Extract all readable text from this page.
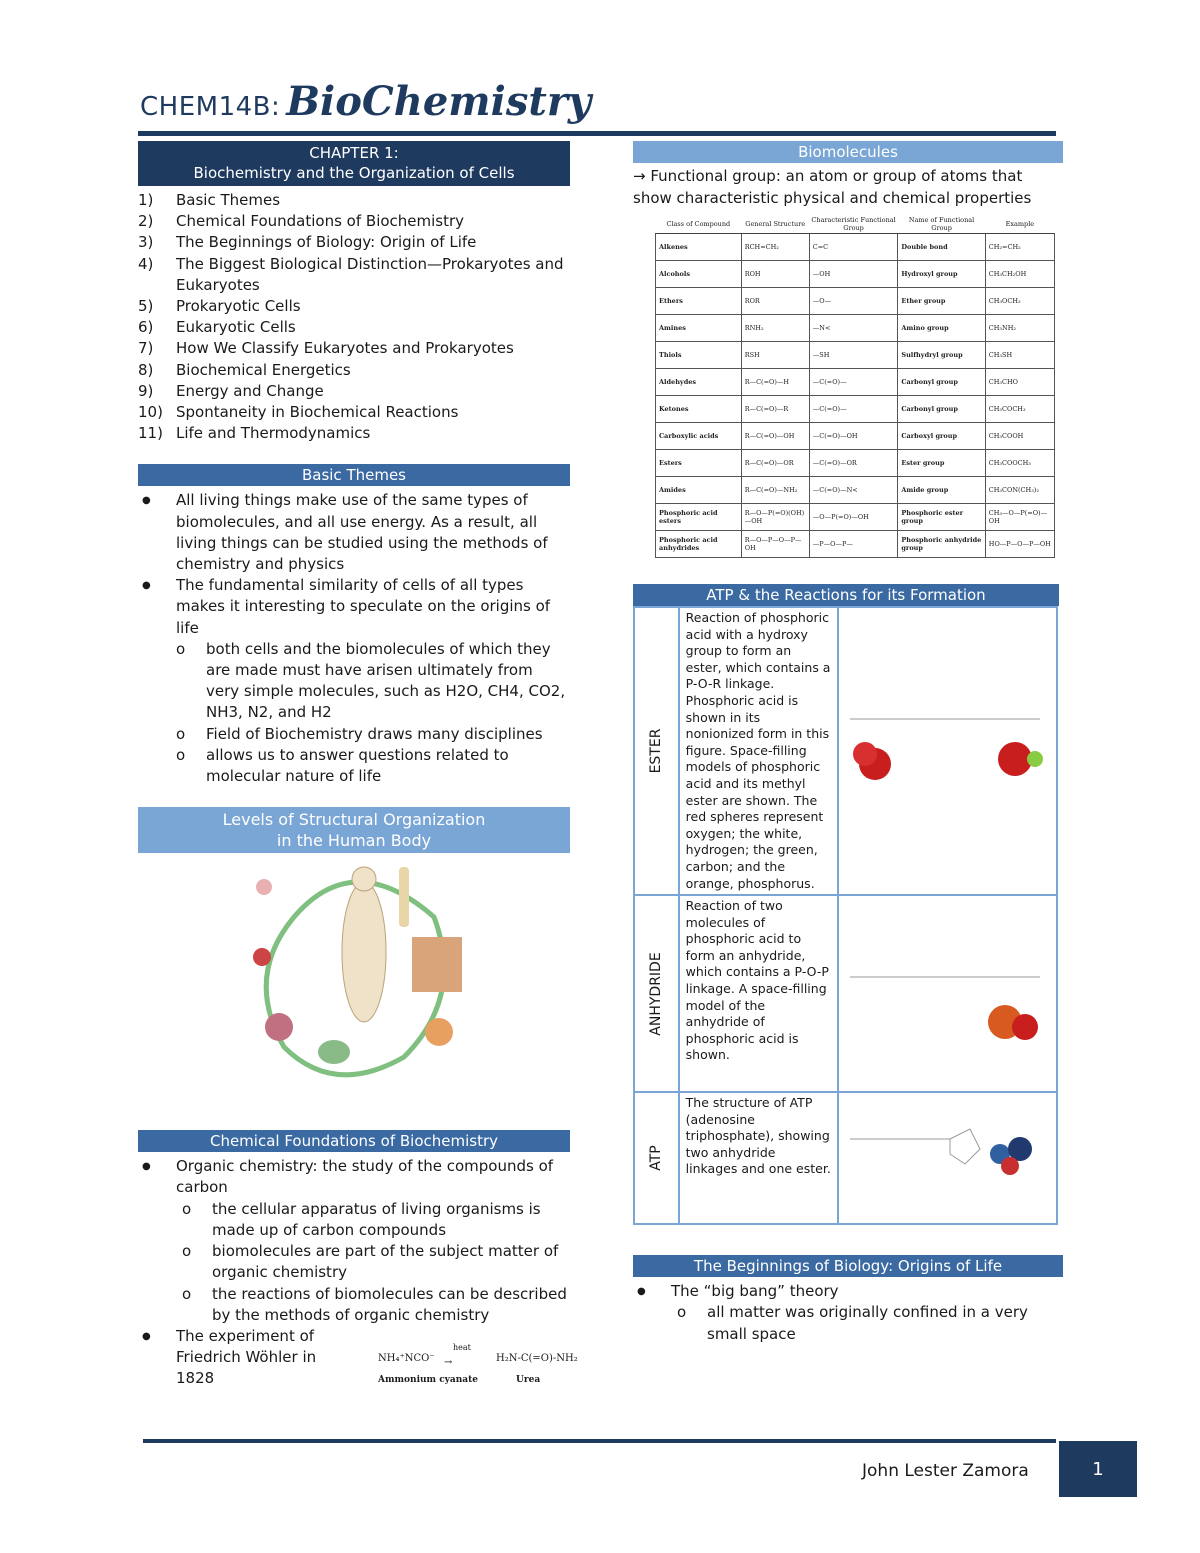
CHEM14B: BioChemistry
CHAPTER 1:
Biochemistry and the Organization of Cells
1)	Basic Themes
2)	Chemical Foundations of Biochemistry
3)	The Beginnings of Biology: Origin of Life
4)	The Biggest Biological Distinction—Prokaryotes and Eukaryotes
5)	Prokaryotic Cells
6)	Eukaryotic Cells
7)	How We Classify Eukaryotes and Prokaryotes
8)	Biochemical Energetics
9)	Energy and Change
10) Spontaneity in Biochemical Reactions
11) Life and Thermodynamics
Basic Themes
● All living things make use of the same types of biomolecules, and all use energy. As a result, all living things can be studied using the methods of chemistry and physics
● The fundamental similarity of cells of all types makes it interesting to speculate on the origins of life
o both cells and the biomolecules of which they are made must have arisen ultimately from very simple molecules, such as H2O, CH4, CO2, NH3, N2, and H2
o Field of Biochemistry draws many disciplines
o allows us to answer questions related to molecular nature of life
Levels of Structural Organization
in the Human Body
Chemical Foundations of Biochemistry
● Organic chemistry: the study of the compounds of carbon
o the cellular apparatus of living organisms is made up of carbon compounds
o biomolecules are part of the subject matter of organic chemistry
o the reactions of biomolecules can be described by the methods of organic chemistry
● The experiment of Friedrich Wöhler in 1828
NH₄⁺NCO⁻
heat
→	H₂N‑C(=O)‑NH₂
Ammonium cyanate	Urea
Biomolecules
→ Functional group: an atom or group of atoms that show characteristic physical and chemical properties
Class of Compound	General Structure	Characteristic Functional Group	Name of Functional Group	Example
Alkenes	RCH=CH₂	C=C	Double bond	CH₂=CH₂
Alcohols	ROH	—OH	Hydroxyl group	CH₃CH₂OH
Ethers	ROR	—O—	Ether group	CH₃OCH₃
Amines	RNH₂	—N<	Amino group	CH₃NH₂
Thiols	RSH	—SH	Sulfhydryl group	CH₃SH
Aldehydes	R—C(=O)—H	—C(=O)—	Carbonyl group	CH₃CHO
Ketones	R—C(=O)—R	—C(=O)—	Carbonyl group	CH₃COCH₃
Carboxylic acids	R—C(=O)—OH	—C(=O)—OH	Carboxyl group	CH₃COOH
Esters	R—C(=O)—OR	—C(=O)—OR	Ester group	CH₃COOCH₃
Amides	R—C(=O)—NH₂	—C(=O)—N<	Amide group	CH₃CON(CH₃)₂
Phosphoric acid esters	R—O—P(=O)(OH)—OH	—O—P(=O)—OH	Phosphoric ester group	CH₃—O—P(=O)—OH
Phosphoric acid anhydrides	R—O—P—O—P—OH	—P—O—P—	Phosphoric anhydride group	HO—P—O—P—OH
ATP & the Reactions for its Formation
ESTER	Reaction of phosphoric acid with a hydroxy group to form an ester, which contains a P-O-R linkage. Phosphoric acid is shown in its nonionized form in this figure. Space-filling models of phosphoric acid and its methyl ester are shown. The red spheres represent oxygen; the white, hydrogen; the green, carbon; and the orange, phosphorus.	

ANHYDRIDE	Reaction of two molecules of phosphoric acid to form an anhydride, which contains a P-O-P linkage. A space-filling model of the anhydride of phosphoric acid is shown.	

ATP	The structure of ATP (adenosine triphosphate), showing two anhydride linkages and one ester.	
The Beginnings of Biology: Origins of Life
● The “big bang” theory
o all matter was originally confined in a very small space
John Lester Zamora	1
